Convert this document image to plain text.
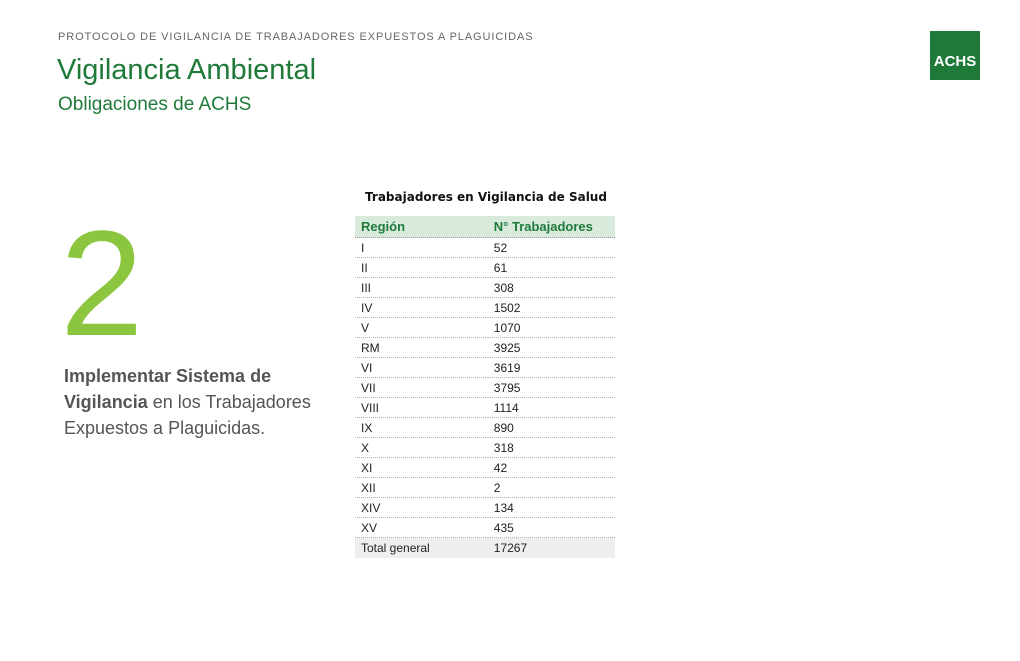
PROTOCOLO DE VIGILANCIA DE TRABAJADORES EXPUESTOS A PLAGUICIDAS
Vigilancia Ambiental
Obligaciones de ACHS
ACHS
2
Implementar Sistema de Vigilancia en los Trabajadores Expuestos a Plaguicidas.
Trabajadores en Vigilancia de Salud
Región	N° Trabajadores
I	52
II	61
III	308
IV	1502
V	1070
RM	3925
VI	3619
VII	3795
VIII	1114
IX	890
X	318
XI	42
XII	2
XIV	134
XV	435
Total general	17267
